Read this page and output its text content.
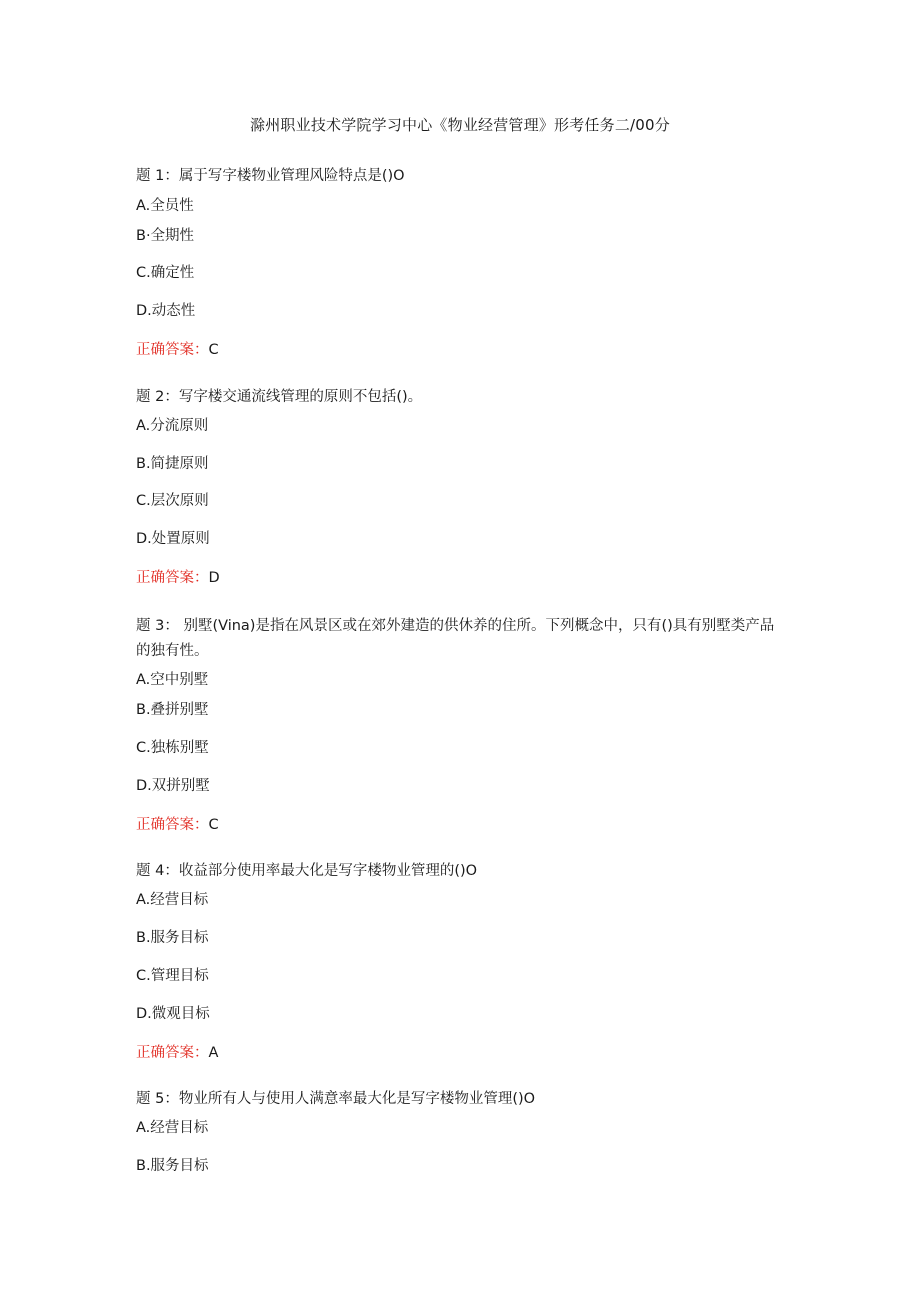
滁州职业技术学院学习中心《物业经营管理》形考任务二/00分
题 1：属于写字楼物业管理风险特点是()O
A.全员性
B·全期性
C.确定性
D.动态性
正确答案：C
题 2：写字楼交通流线管理的原则不包括()。
A.分流原则
B.简捷原则
C.层次原则
D.处置原则
正确答案：D
题 3： 别墅(Vina)是指在风景区或在郊外建造的供休养的住所。下列概念中，只有()具有别墅类产品的独有性。
A.空中别墅
B.叠拼别墅
C.独栋别墅
D.双拼别墅
正确答案：C
题 4：收益部分使用率最大化是写字楼物业管理的()O
A.经营目标
B.服务目标
C.管理目标
D.微观目标
正确答案：A
题 5：物业所有人与使用人满意率最大化是写字楼物业管理()O
A.经营目标
B.服务目标
